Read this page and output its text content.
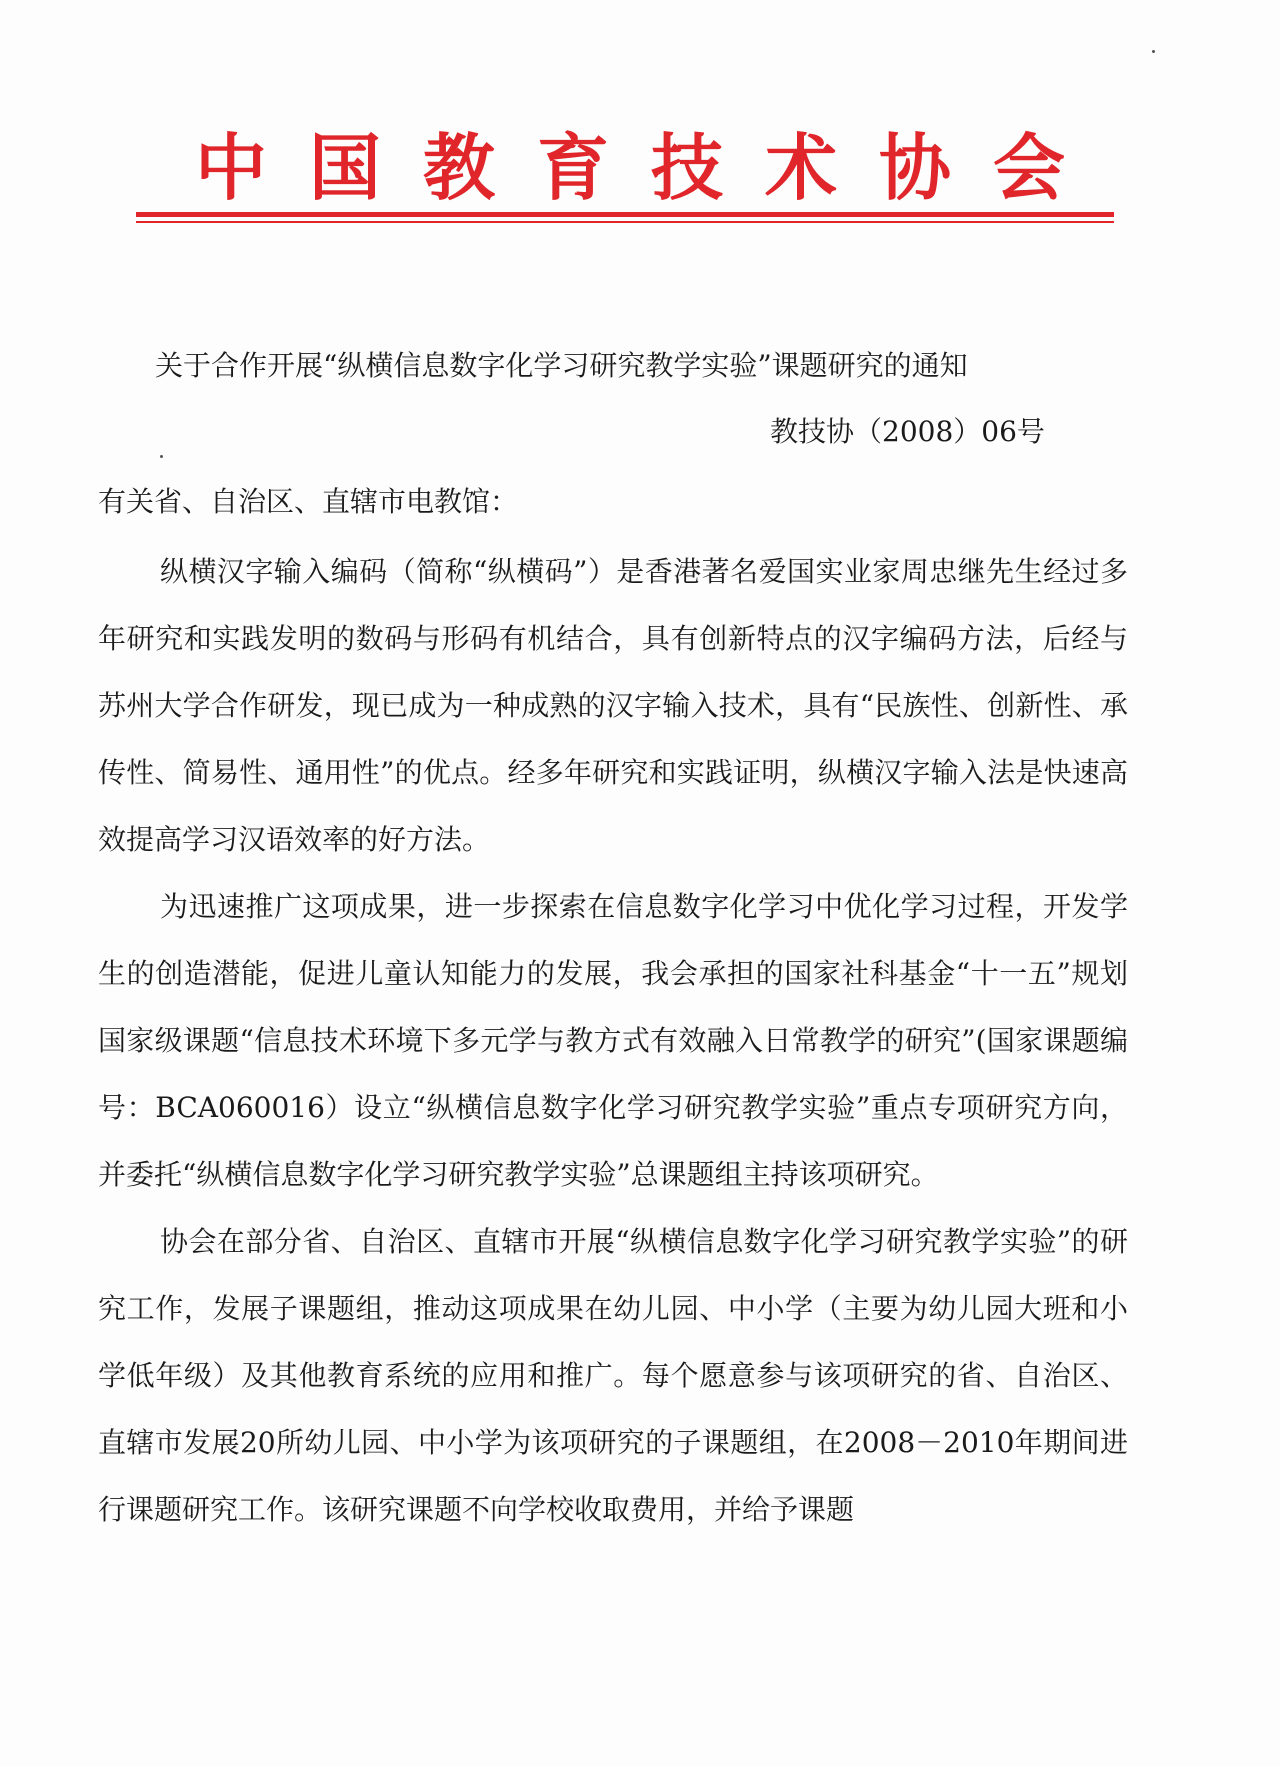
中国教育技术协会
关于合作开展“纵横信息数字化学习研究教学实验”课题研究的通知
教技协（2008）06号
有关省、自治区、直辖市电教馆：

纵横汉字输入编码（简称“纵横码”）是香港著名爱国实业家周忠继先生经过多年研究和实践发明的数码与形码有机结合，具有创新特点的汉字编码方法，后经与苏州大学合作研发，现已成为一种成熟的汉字输入技术，具有“民族性、创新性、承传性、简易性、通用性”的优点。经多年研究和实践证明，纵横汉字输入法是快速高效提高学习汉语效率的好方法。

为迅速推广这项成果，进一步探索在信息数字化学习中优化学习过程，开发学生的创造潜能，促进儿童认知能力的发展，我会承担的国家社科基金“十一五”规划国家级课题“信息技术环境下多元学与教方式有效融入日常教学的研究”(国家课题编号：BCA060016）设立“纵横信息数字化学习研究教学实验”重点专项研究方向，并委托“纵横信息数字化学习研究教学实验”总课题组主持该项研究。

协会在部分省、自治区、直辖市开展“纵横信息数字化学习研究教学实验”的研究工作，发展子课题组，推动这项成果在幼儿园、中小学（主要为幼儿园大班和小学低年级）及其他教育系统的应用和推广。每个愿意参与该项研究的省、自治区、直辖市发展20所幼儿园、中小学为该项研究的子课题组，在2008－2010年期间进行课题研究工作。该研究课题不向学校收取费用，并给予课题
